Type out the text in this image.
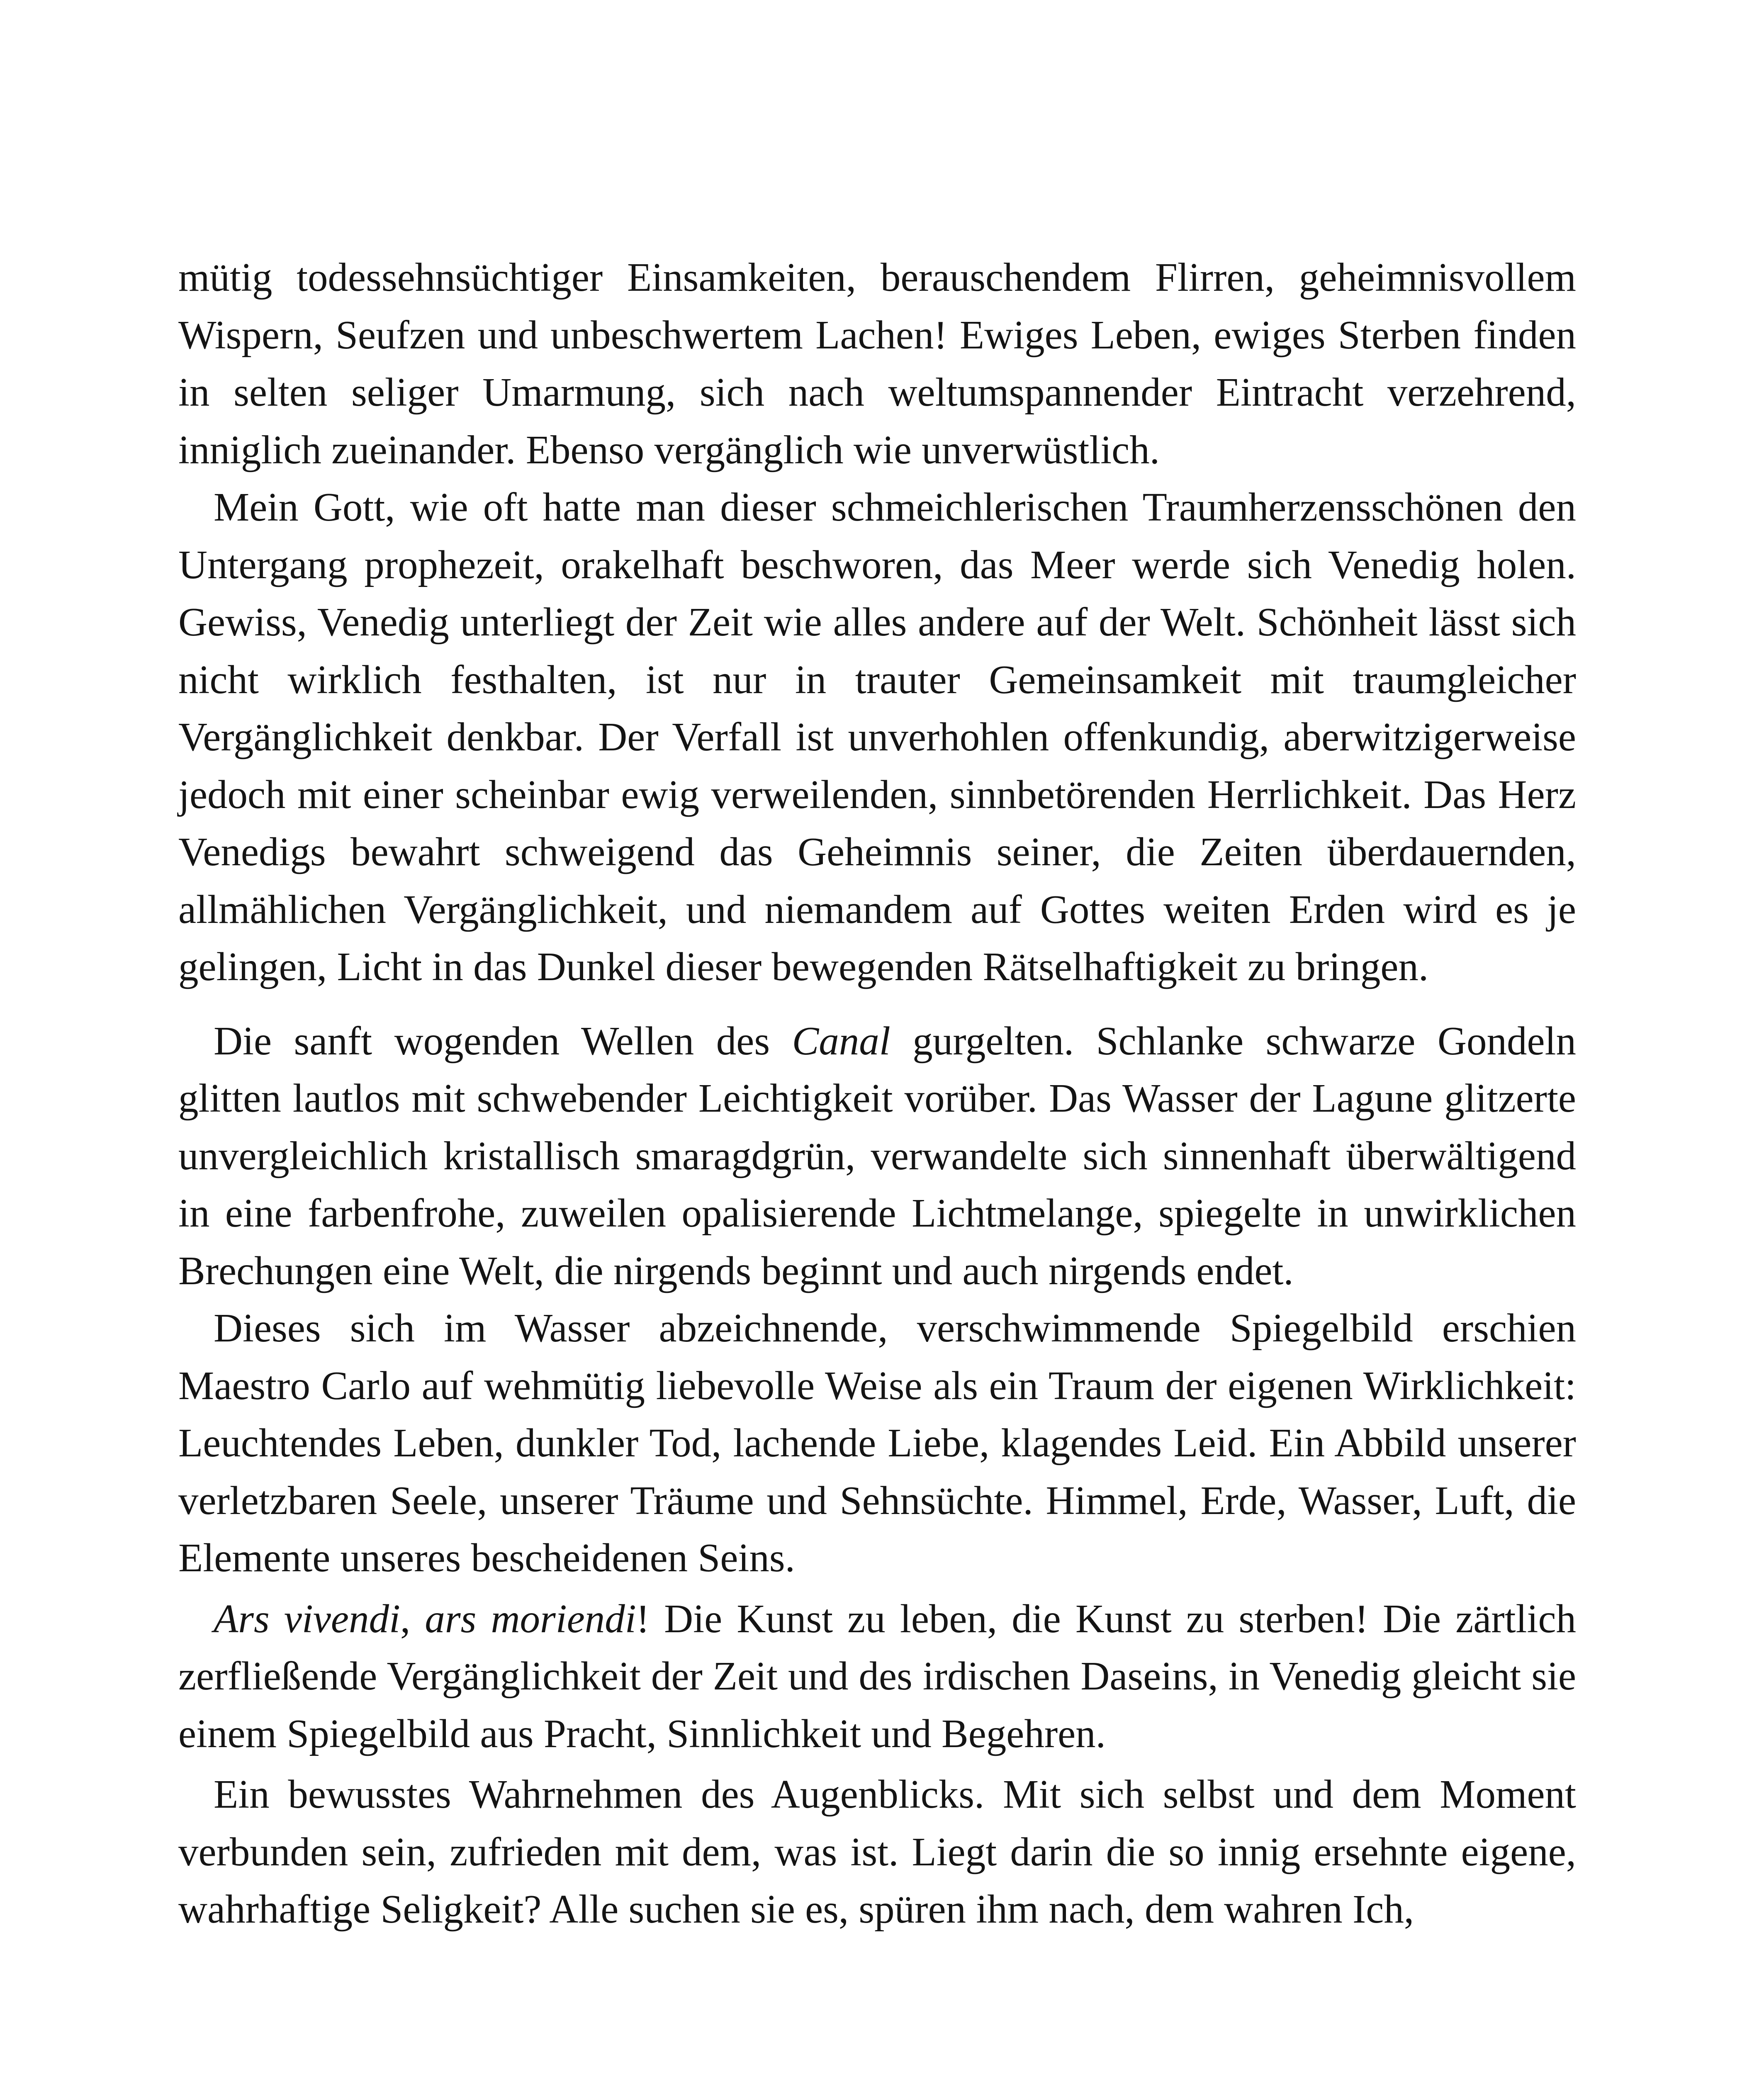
mütig todessehnsüchtiger Einsamkeiten, berauschendem Flirren, geheimnisvollem Wispern, Seufzen und unbeschwertem Lachen! Ewiges Leben, ewiges Sterben finden in selten seliger Umarmung, sich nach weltumspannender Eintracht verzehrend, inniglich zueinander. Ebenso vergänglich wie unverwüstlich.

Mein Gott, wie oft hatte man dieser schmeichlerischen Traumherzensschönen den Untergang prophezeit, orakelhaft beschworen, das Meer werde sich Venedig holen. Gewiss, Venedig unterliegt der Zeit wie alles andere auf der Welt. Schönheit lässt sich nicht wirklich festhalten, ist nur in trauter Gemeinsamkeit mit traumgleicher Vergänglichkeit denkbar. Der Verfall ist unverhohlen offenkundig, aberwitzigerweise jedoch mit einer scheinbar ewig verweilenden, sinnbetörenden Herrlichkeit. Das Herz Venedigs bewahrt schweigend das Geheimnis seiner, die Zeiten überdauernden, allmählichen Vergänglichkeit, und niemandem auf Gottes weiten Erden wird es je gelingen, Licht in das Dunkel dieser bewegenden Rätselhaftigkeit zu bringen.

Die sanft wogenden Wellen des Canal gurgelten. Schlanke schwarze Gondeln glitten lautlos mit schwebender Leichtigkeit vorüber. Das Wasser der Lagune glitzerte unvergleichlich kristallisch smaragdgrün, verwandelte sich sinnenhaft überwältigend in eine farbenfrohe, zuweilen opalisierende Lichtmelange, spiegelte in unwirklichen Brechungen eine Welt, die nirgends beginnt und auch nirgends endet.

Dieses sich im Wasser abzeichnende, verschwimmende Spiegelbild erschien Maestro Carlo auf wehmütig liebevolle Weise als ein Traum der eigenen Wirklichkeit: Leuchtendes Leben, dunkler Tod, lachende Liebe, klagendes Leid. Ein Abbild unserer verletzbaren Seele, unserer Träume und Sehnsüchte. Himmel, Erde, Wasser, Luft, die Elemente unseres bescheidenen Seins.

Ars vivendi, ars moriendi! Die Kunst zu leben, die Kunst zu sterben! Die zärtlich zerfließende Vergänglichkeit der Zeit und des irdischen Daseins, in Venedig gleicht sie einem Spiegelbild aus Pracht, Sinnlichkeit und Begehren.

Ein bewusstes Wahrnehmen des Augenblicks. Mit sich selbst und dem Moment verbunden sein, zufrieden mit dem, was ist. Liegt darin die so innig ersehnte eigene, wahrhaftige Seligkeit? Alle suchen sie es, spüren ihm nach, dem wahren Ich,
